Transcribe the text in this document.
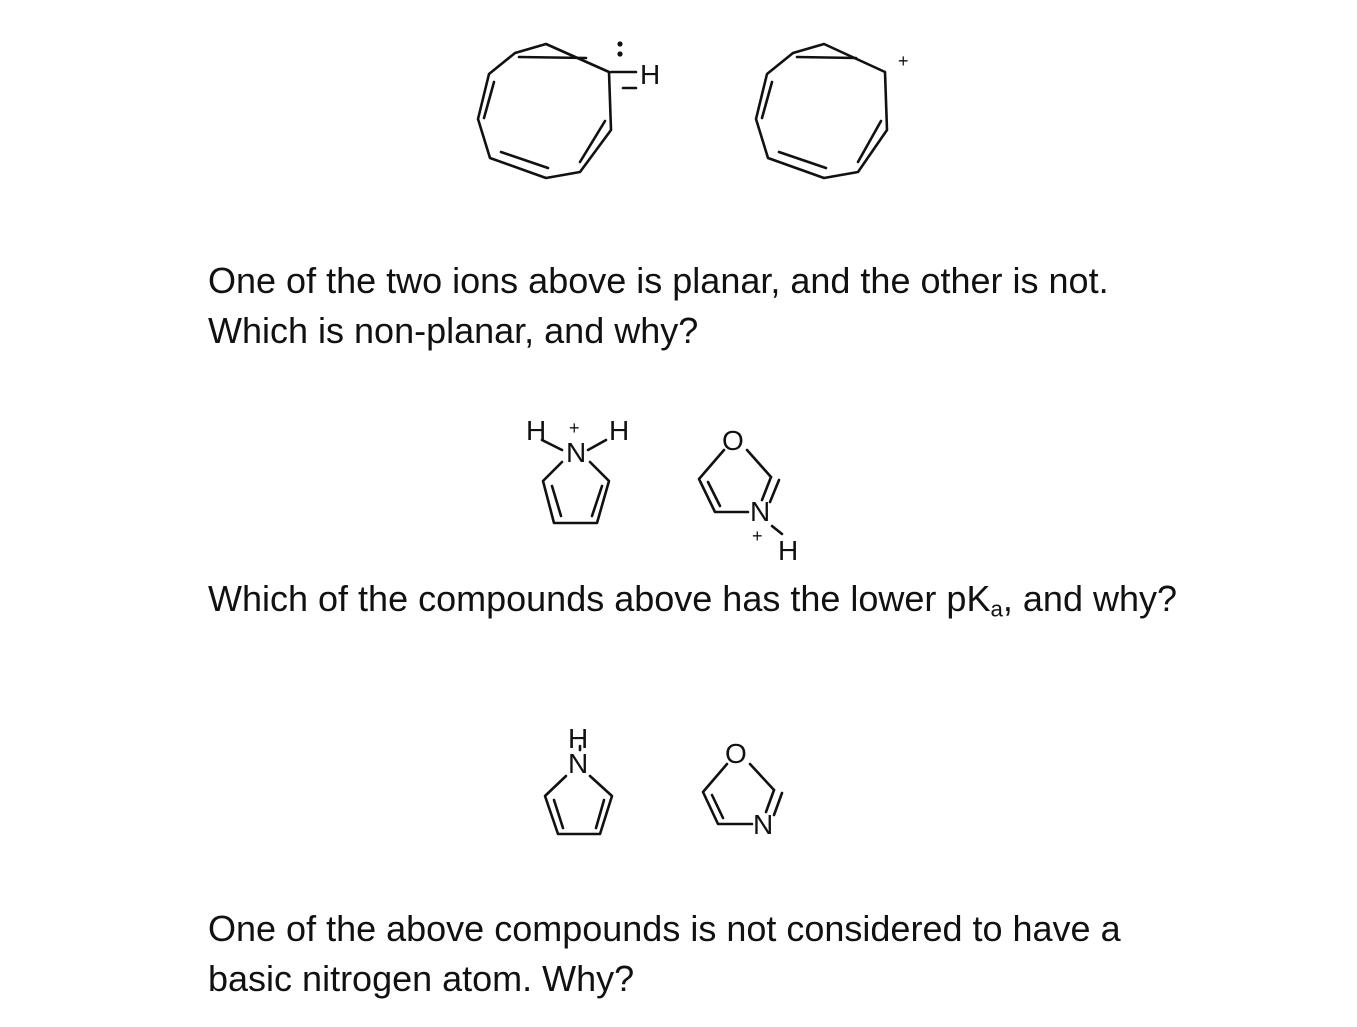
H	+
H H
N
+	O
N
H
+
H
N	O
N

One of the two ions above is planar, and the other is not. Which is non-planar, and why?

Which of the compounds above has the lower $pK_a$, and why?

One of the above compounds is not considered to have a basic nitrogen atom. Why?
